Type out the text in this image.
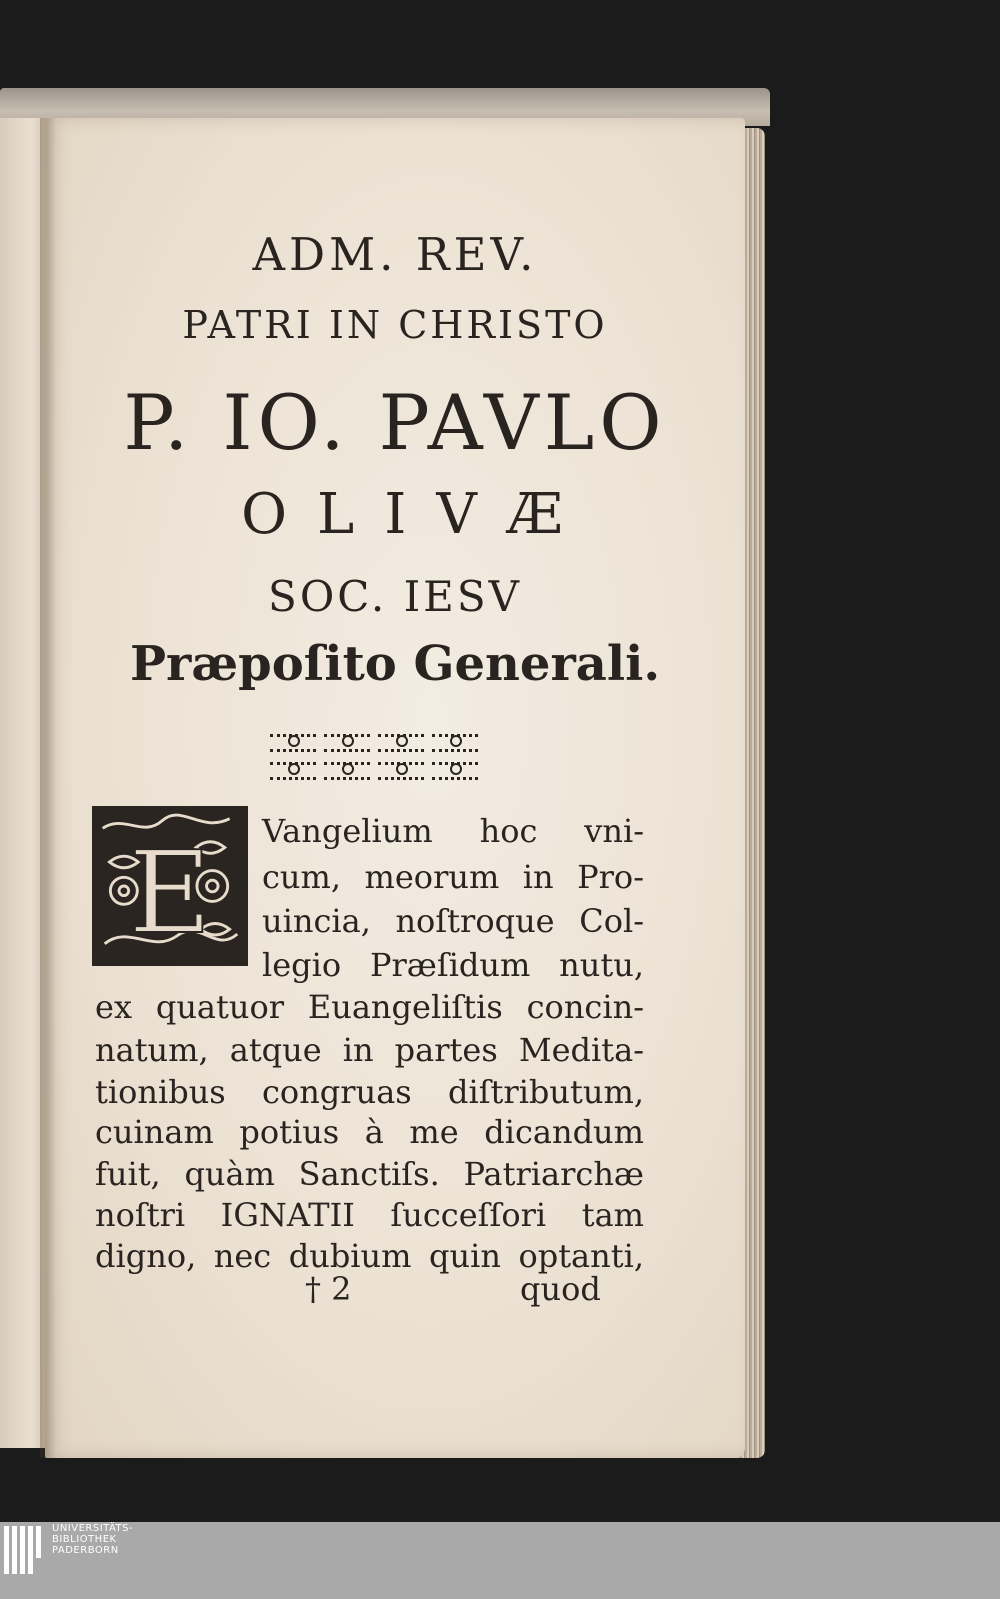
ADM. REV.
PATRI IN CHRISTO
P. IO. PAVLO
OLIVÆ
SOC. IESV
Præpoſito Generali.
E Vangelium hoc vni-
cum, meorum in Pro-
uincia, noſtroque Col-
legio Præſidum nutu,
ex quatuor Euangeliſtis concin-
natum, atque in partes Medita-
tionibus congruas diſtributum,
cuinam potius à me dicandum
fuit, quàm Sanctiſs. Patriarchæ
noſtri IGNATII ſucceſſori tam
digno, nec dubium quin optanti,
† 2	quod
UNIVERSITÄTS-
BIBLIOTHEK
PADERBORN
